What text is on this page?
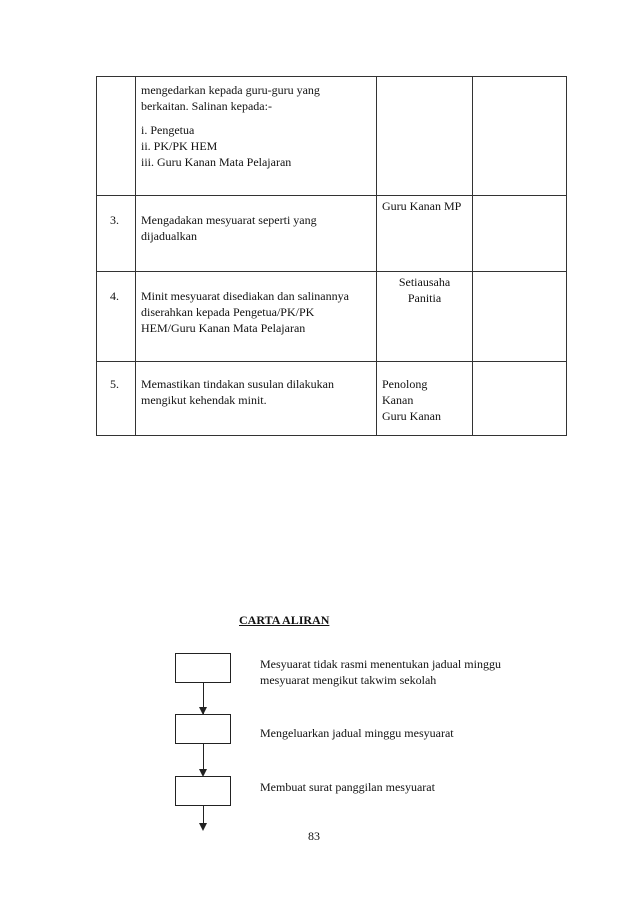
mengedarkan kepada guru-guru yang
berkaitan. Salinan kepada:-
i. Pengetua
ii. PK/PK HEM
iii. Guru Kanan Mata Pelajaran
3. Mengadakan mesyuarat seperti yang
dijadualkan
Guru Kanan MP
4. Minit mesyuarat disediakan dan salinannya
diserahkan kepada Pengetua/PK/PK
HEM/Guru Kanan Mata Pelajaran
Setiausaha
Panitia
5. Memastikan tindakan susulan dilakukan
mengikut kehendak minit.
Penolong
Kanan
Guru Kanan
CARTA ALIRAN
Mesyuarat tidak rasmi menentukan jadual minggu
mesyuarat mengikut takwim sekolah
Mengeluarkan jadual minggu mesyuarat
Membuat surat panggilan mesyuarat
83
